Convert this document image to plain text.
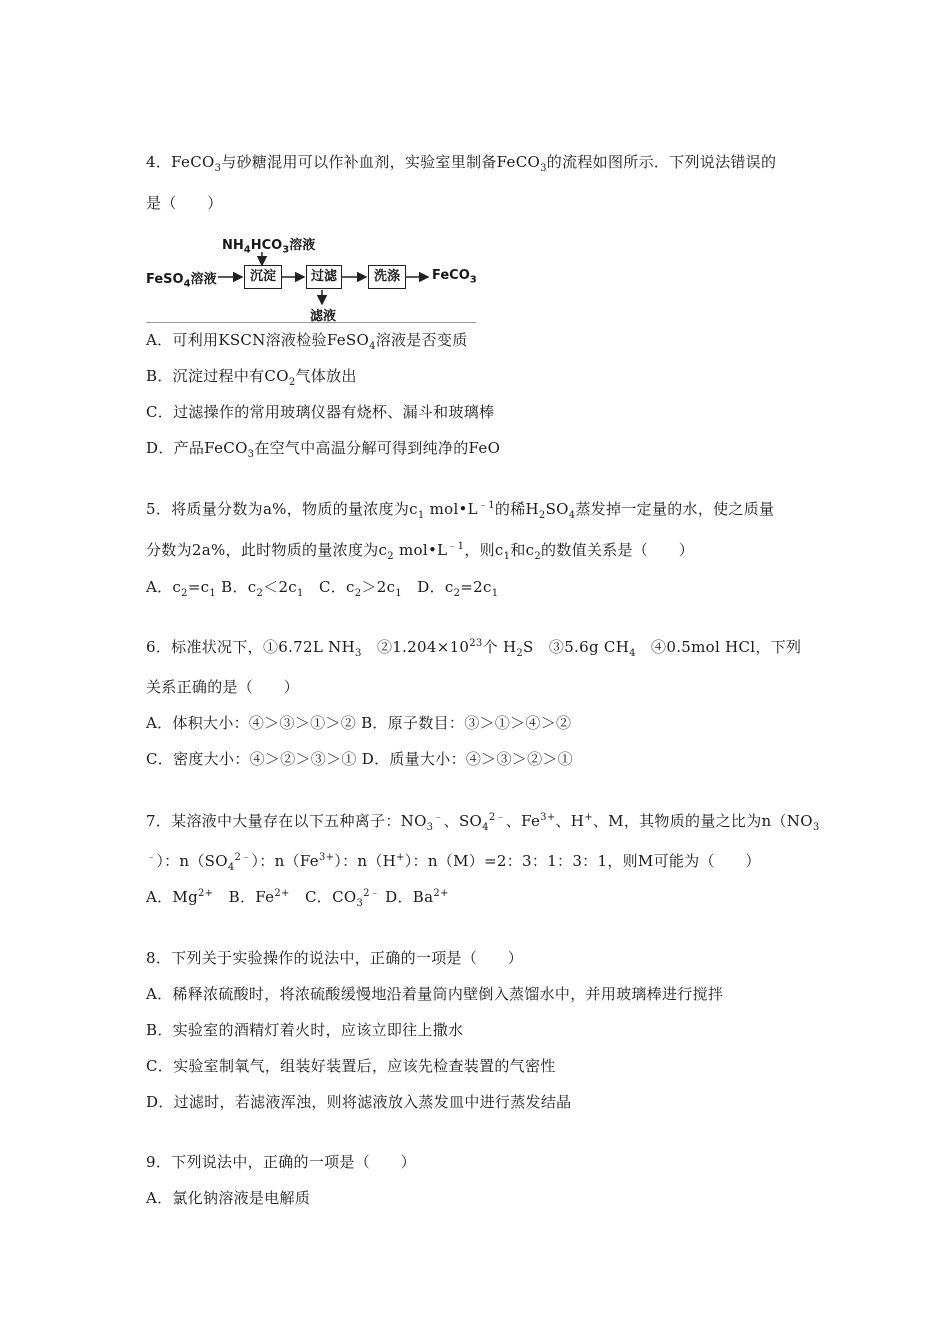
4．FeCO$_3$与砂糖混用可以作补血剂，实验室里制备FeCO$_3$的流程如图所示．下列说法错误的
是（　　）
$NH_4HCO_3$溶液
FeSO$_4$溶液	沉淀	过滤	洗涤	FeCO$_3$
滤液
A．可利用KSCN溶液检验FeSO$_4$溶液是否变质
B．沉淀过程中有$CO_2$气体放出
C．过滤操作的常用玻璃仪器有烧杯、漏斗和玻璃棒
D．产品FeCO$_3$在空气中高温分解可得到纯净的FeO
5．将质量分数为a%，物质的量浓度为$c_1$ $mol•L^{﹣1}$的稀$H_2SO_4$蒸发掉一定量的水，使之质量
分数为2a%，此时物质的量浓度为$c_2$ $mol•L^{﹣1}$，则$c_1$和$c_2$的数值关系是（　　）
A．$c_2=c_1$ B．$c_2<2c_1$　C．$c_2>2c_1$　D．$c_2=2c_1$
6．标准状况下，①6.72L $NH_3$　$②1.204\times 10^{23}$个 $H_2S$　③5.6g $CH_4$　④0.5mol HCl，下列
关系正确的是（　　）
A．体积大小：④＞③＞①＞② B．原子数目：③＞①＞④＞②
C．密度大小：④＞②＞③＞① D．质量大小：④＞③＞②＞①
7．某溶液中大量存在以下五种离子：$NO_3^﹣$、$SO_4^{2﹣}$、$Fe^{3+}$、H+、M，其物质的量之比为$n(NO_3$
﹣）：$n(SO_4^{2﹣})$：$n(Fe^{3+})$：n（H+）：n（M）=2：3：1：3：1，则M可能为（　　）
A．$Mg^{2+}$　B．$Fe^{2+}$　C．$CO_3^{2﹣}$ D．$Ba^{2+}$
8．下列关于实验操作的说法中，正确的一项是（　　）
A．稀释浓硫酸时，将浓硫酸缓慢地沿着量筒内壁倒入蒸馏水中，并用玻璃棒进行搅拌
B．实验室的酒精灯着火时，应该立即往上撒水
C．实验室制氧气，组装好装置后，应该先检查装置的气密性
D．过滤时，若滤液浑浊，则将滤液放入蒸发皿中进行蒸发结晶
9．下列说法中，正确的一项是（　　）
A．氯化钠溶液是电解质
